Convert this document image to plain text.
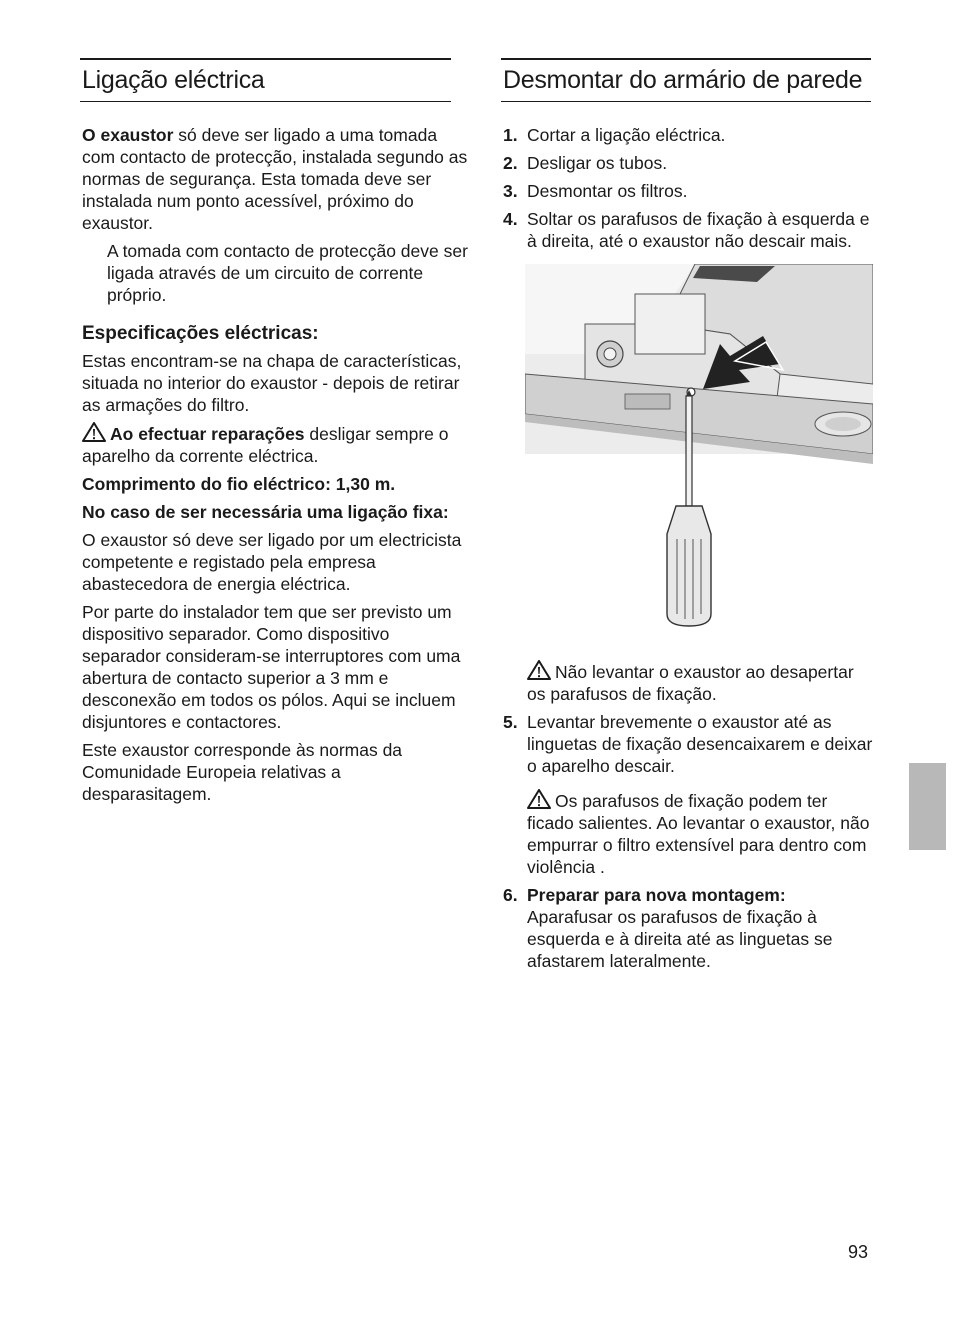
Ligação eléctrica

O exaustor só deve ser ligado a uma tomada com contacto de protecção, instalada segundo as normas de segurança. Esta tomada deve ser instalada num ponto acessível, próximo do exaustor.

A tomada com contacto de protecção deve ser ligada através de um circuito de corrente próprio.

Especificações eléctricas:

Estas encontram-se na chapa de características, situada no interior do exaustor - depois de retirar as armações do filtro.

Ao efectuar reparações desligar sempre o aparelho da corrente eléctrica.

Comprimento do fio eléctrico: 1,30 m.

No caso de ser necessária uma ligação fixa:

O exaustor só deve ser ligado por um electricista competente e registado pela empresa abastecedora de energia eléctrica.

Por parte do instalador tem que ser previsto um dispositivo separador. Como dispositivo separador consideram-se interruptores com uma abertura de contacto superior a 3 mm e desconexão em todos os pólos. Aqui se incluem disjuntores e contactores.

Este exaustor corresponde às normas da Comunidade Europeia relativas a desparasitagem.

Desmontar do armário de parede
1. Cortar a ligação eléctrica.
2. Desligar os tubos.
3. Desmontar os filtros.
4. Soltar os parafusos de fixação à esquerda e à direita, até o exaustor não descair mais.

Não levantar o exaustor ao desapertar os parafusos de fixação.

5. Levantar brevemente o exaustor até as linguetas de fixação desencaixarem e deixar o aparelho descair.

Os parafusos de fixação podem ter ficado salientes. Ao levantar o exaustor, não empurrar o filtro extensível para dentro com violência .

6. Preparar para nova montagem:
Aparafusar os parafusos de fixação à esquerda e à direita até as linguetas se afastarem lateralmente.
93
